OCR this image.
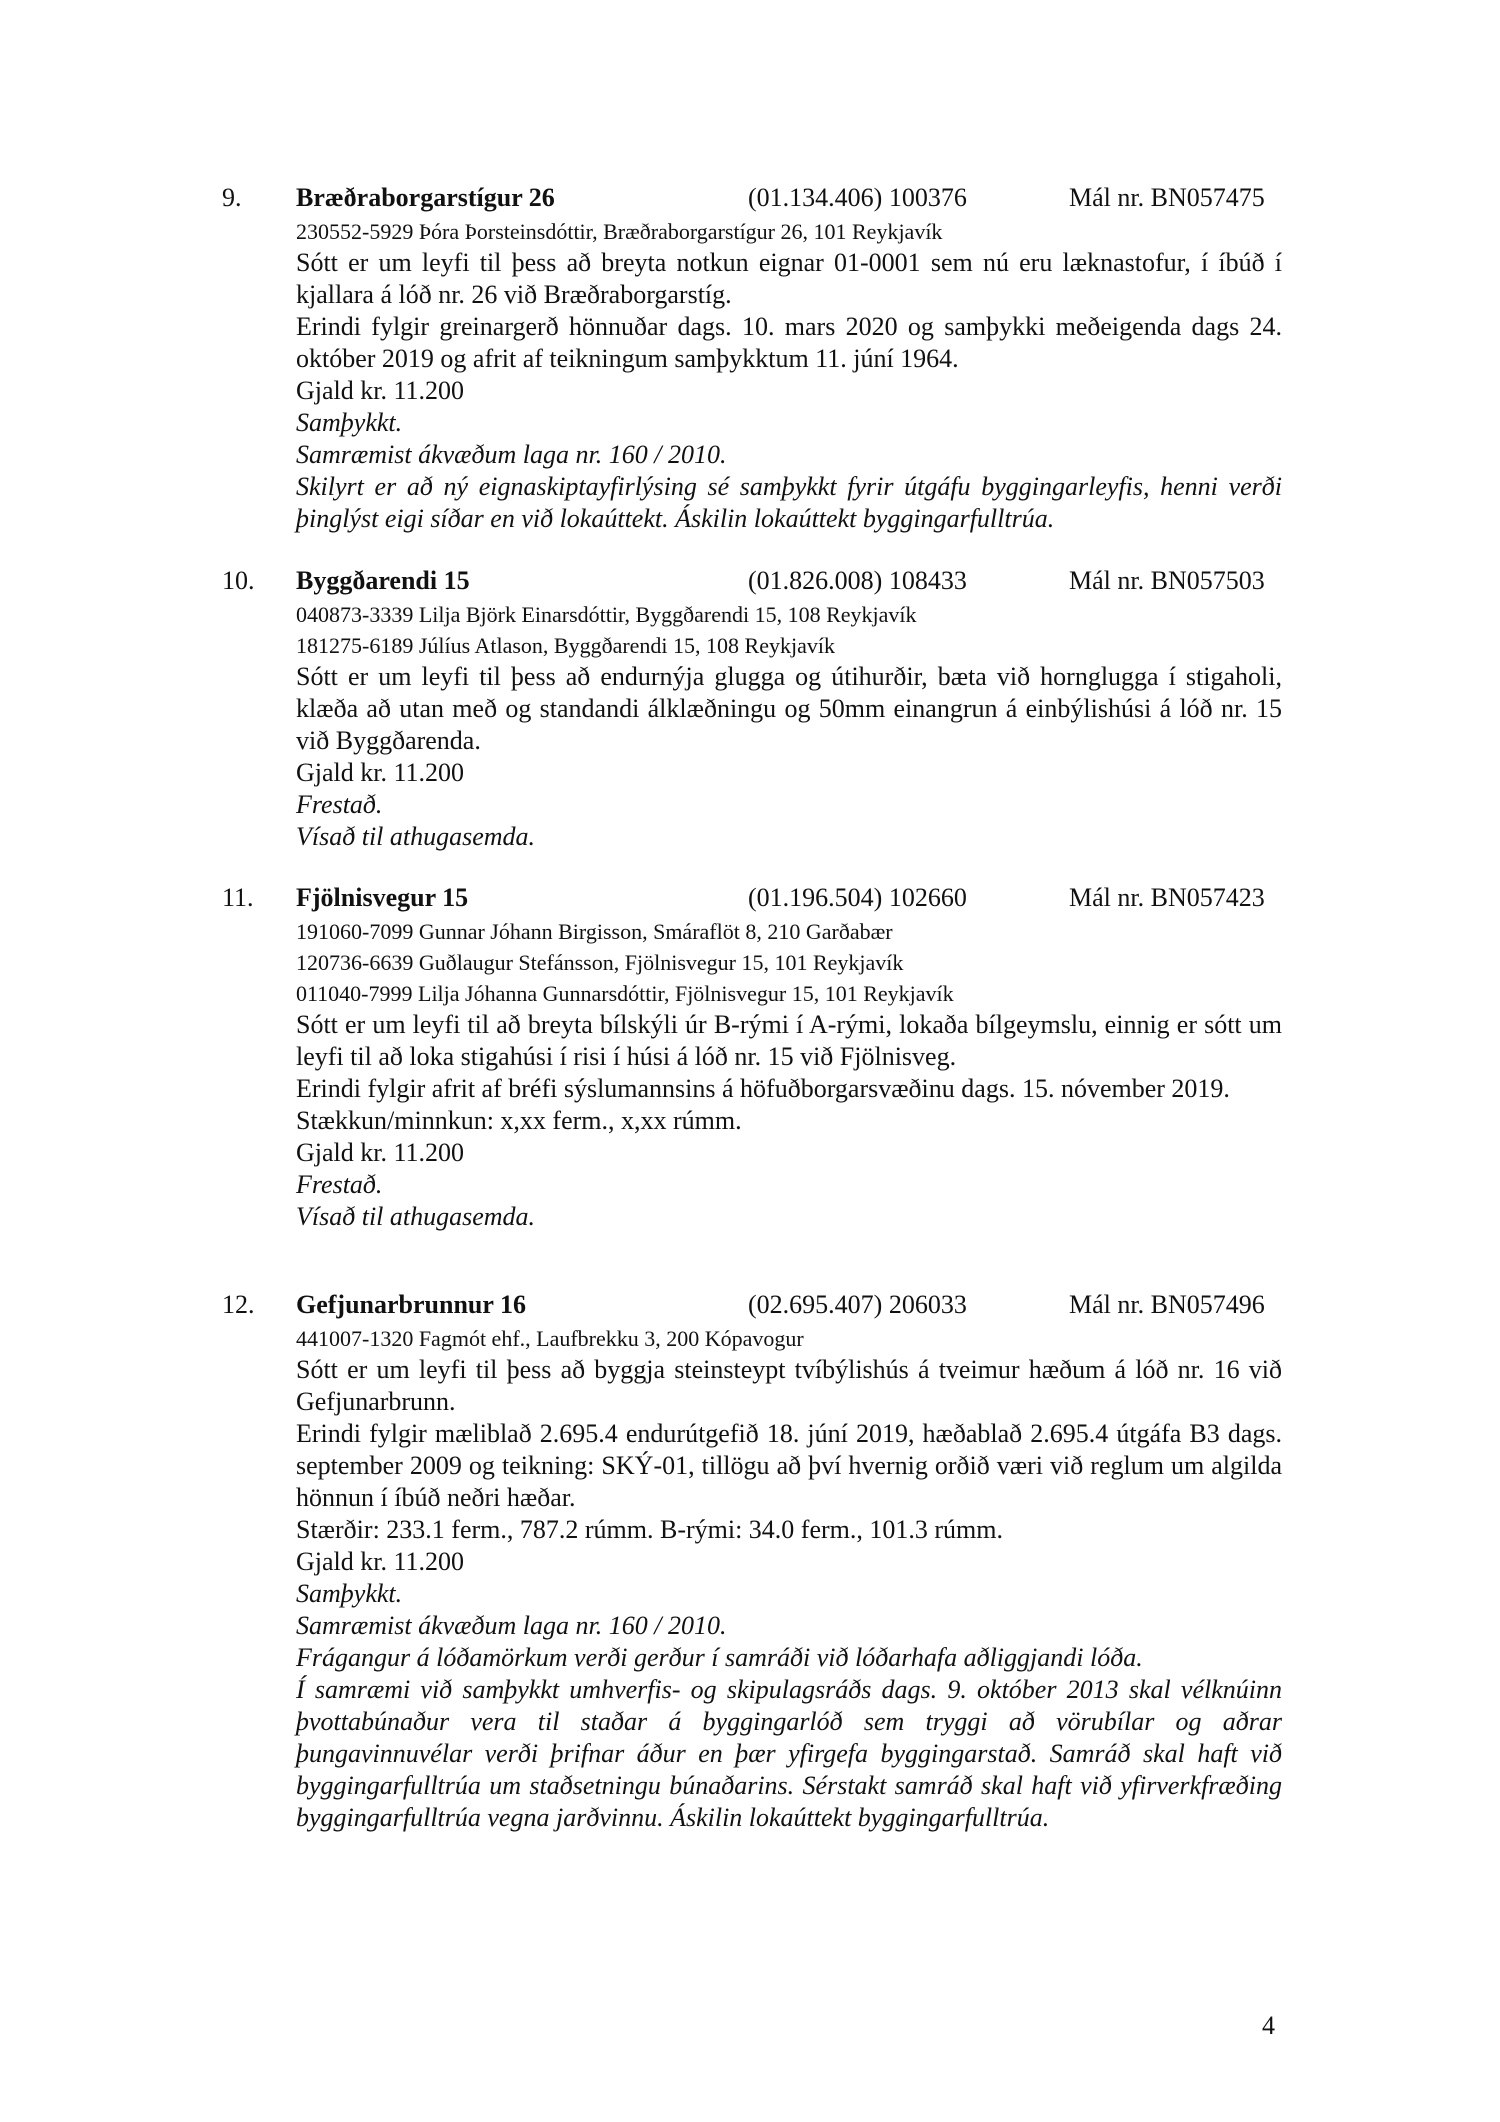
9. Bræðraborgarstígur 26	(01.134.406) 100376	Mál nr. BN057475
230552-5929 Þóra Þorsteinsdóttir, Bræðraborgarstígur 26, 101 Reykjavík

Sótt er um leyfi til þess að breyta notkun eignar 01-0001 sem nú eru læknastofur, í íbúð í kjallara á lóð nr. 26 við Bræðraborgarstíg.

Erindi fylgir greinargerð hönnuðar dags. 10. mars 2020 og samþykki meðeigenda dags 24. október 2019 og afrit af teikningum samþykktum 11. júní 1964.

Gjald kr. 11.200

Samþykkt.

Samræmist ákvæðum laga nr. 160 / 2010.

Skilyrt er að ný eignaskiptayfirlýsing sé samþykkt fyrir útgáfu byggingarleyfis, henni verði þinglýst eigi síðar en við lokaúttekt. Áskilin lokaúttekt byggingarfulltrúa.

10. Byggðarendi 15	(01.826.008) 108433	Mál nr. BN057503
040873-3339 Lilja Björk Einarsdóttir, Byggðarendi 15, 108 Reykjavík
181275-6189 Júlíus Atlason, Byggðarendi 15, 108 Reykjavík

Sótt er um leyfi til þess að endurnýja glugga og útihurðir, bæta við hornglugga í stigaholi, klæða að utan með og standandi álklæðningu og 50mm einangrun á einbýlishúsi á lóð nr. 15 við Byggðarenda.

Gjald kr. 11.200

Frestað.

Vísað til athugasemda.

11. Fjölnisvegur 15	(01.196.504) 102660	Mál nr. BN057423
191060-7099 Gunnar Jóhann Birgisson, Smáraflöt 8, 210 Garðabær
120736-6639 Guðlaugur Stefánsson, Fjölnisvegur 15, 101 Reykjavík
011040-7999 Lilja Jóhanna Gunnarsdóttir, Fjölnisvegur 15, 101 Reykjavík

Sótt er um leyfi til að breyta bílskýli úr B-rými í A-rými, lokaða bílgeymslu, einnig er sótt um leyfi til að loka stigahúsi í risi í húsi á lóð nr. 15 við Fjölnisveg.

Erindi fylgir afrit af bréfi sýslumannsins á höfuðborgarsvæðinu dags. 15. nóvember 2019.

Stækkun/minnkun: x,xx ferm., x,xx rúmm.

Gjald kr. 11.200

Frestað.

Vísað til athugasemda.

12. Gefjunarbrunnur 16	(02.695.407) 206033	Mál nr. BN057496
441007-1320 Fagmót ehf., Laufbrekku 3, 200 Kópavogur

Sótt er um leyfi til þess að byggja steinsteypt tvíbýlishús á tveimur hæðum á lóð nr. 16 við Gefjunarbrunn.

Erindi fylgir mæliblað 2.695.4 endurútgefið 18. júní 2019, hæðablað 2.695.4 útgáfa B3 dags. september 2009 og teikning: SKÝ-01, tillögu að því hvernig orðið væri við reglum um algilda hönnun í íbúð neðri hæðar.

Stærðir: 233.1 ferm., 787.2 rúmm. B-rými: 34.0 ferm., 101.3 rúmm.

Gjald kr. 11.200

Samþykkt.

Samræmist ákvæðum laga nr. 160 / 2010.

Frágangur á lóðamörkum verði gerður í samráði við lóðarhafa aðliggjandi lóða.

Í samræmi við samþykkt umhverfis- og skipulagsráðs dags. 9. október 2013 skal vélknúinn þvottabúnaður vera til staðar á byggingarlóð sem tryggi að vörubílar og aðrar þungavinnuvélar verði þrifnar áður en þær yfirgefa byggingarstað. Samráð skal haft við byggingarfulltrúa um staðsetningu búnaðarins. Sérstakt samráð skal haft við yfirverkfræðing byggingarfulltrúa vegna jarðvinnu. Áskilin lokaúttekt byggingarfulltrúa.

4
